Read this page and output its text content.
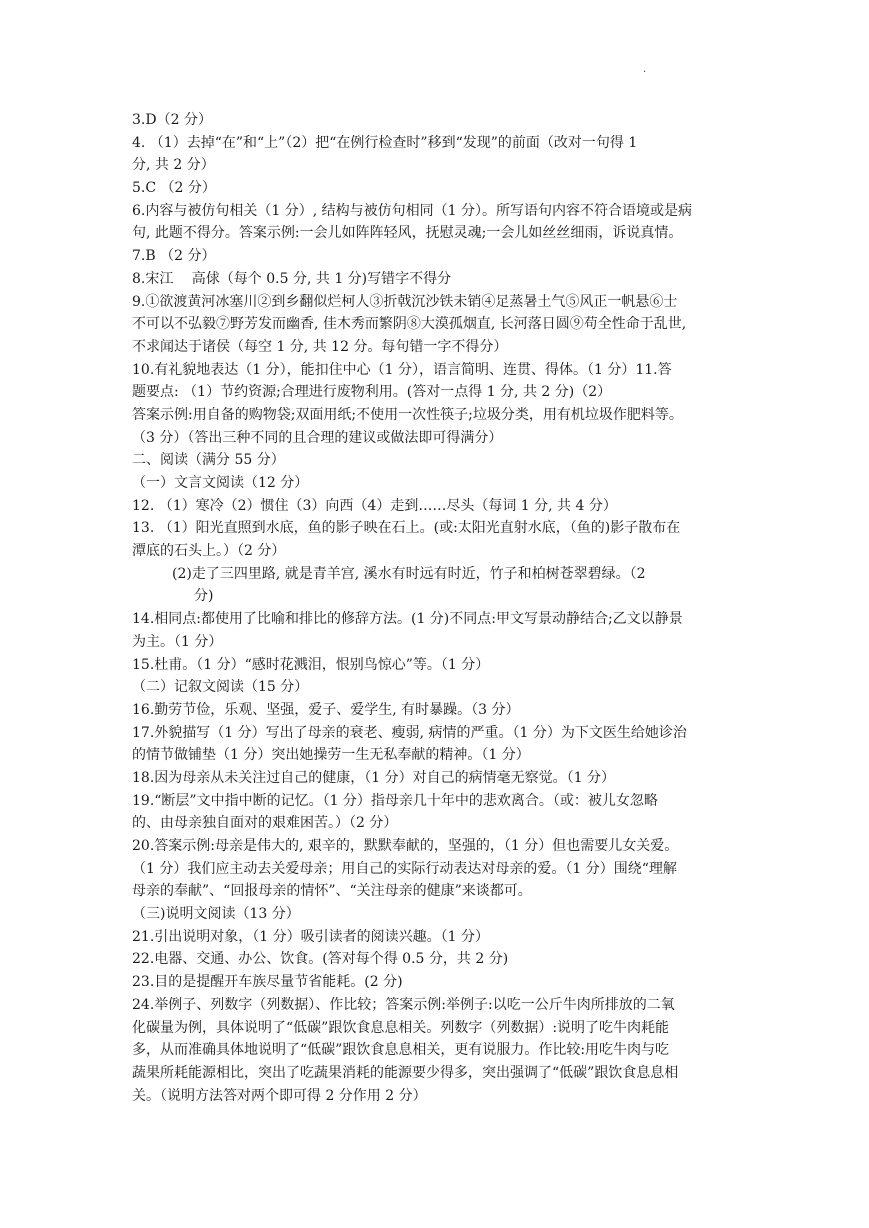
.
3.D（2 分）
4. （1）去掉“在”和“上”（2）把“在例行检查时”移到“发现”的前面（改对一句得 1
分, 共 2 分）
5.C （2 分）
6.内容与被仿句相关（1 分）, 结构与被仿句相同（1 分）。所写语句内容不符合语境或是病
句, 此题不得分。答案示例:一会儿如阵阵轻风，抚慰灵魂;一会儿如丝丝细雨，诉说真情。
7.B （2 分）
8.宋江　 高俅（每个 0.5 分, 共 1 分)写错字不得分
9.①欲渡黄河冰塞川②到乡翻似烂柯人③折戟沉沙铁未销④足蒸暑土气⑤风正一帆悬⑥士
不可以不弘毅⑦野芳发而幽香, 佳木秀而繁阴⑧大漠孤烟直, 长河落日圆⑨苟全性命于乱世,
不求闻达于诸侯（每空 1 分, 共 12 分。每句错一字不得分）
10.有礼貌地表达（1 分），能扣住中心（1 分），语言简明、连贯、得体。（1 分）11.答
题要点: （1）节约资源;合理进行废物利用。(答对一点得 1 分, 共 2 分)（2）
答案示例:用自备的购物袋;双面用纸;不使用一次性筷子;垃圾分类，用有机垃圾作肥料等。
（3 分）（答出三种不同的且合理的建议或做法即可得满分）
二、阅读（满分 55 分）
（一）文言文阅读（12 分）
12. （1）寒冷（2）惯住（3）向西（4）走到……尽头（每词 1 分, 共 4 分）
13. （1）阳光直照到水底，鱼的影子映在石上。(或:太阳光直射水底，（鱼的)影子散布在
潭底的石头上。）（2 分）
(2)走了三四里路, 就是青羊宫, 溪水有时远有时近，竹子和柏树苍翠碧绿。（2
分)
14.相同点:都使用了比喻和排比的修辞方法。(1 分)不同点:甲文写景动静结合;乙文以静景
为主。（1 分）
15.杜甫。（1 分）“感时花溅泪，恨别鸟惊心”等。（1 分）
（二）记叙文阅读（15 分）
16.勤劳节俭，乐观、坚强，爱子、爱学生, 有时暴躁。（3 分）
17.外貌描写（1 分）写出了母亲的衰老、瘦弱, 病情的严重。（1 分）为下文医生给她诊治
的情节做铺垫（1 分）突出她操劳一生无私奉献的精神。（1 分）
18.因为母亲从未关注过自己的健康，（1 分）对自己的病情毫无察觉。（1 分）
19.“断层”文中指中断的记忆。（1 分）指母亲几十年中的悲欢离合。（或：被儿女忽略
的、由母亲独自面对的艰难困苦。）（2 分）
20.答案示例:母亲是伟大的, 艰辛的，默默奉献的，坚强的，（1 分）但也需要儿女关爱。
（1 分）我们应主动去关爱母亲；用自己的实际行动表达对母亲的爱。（1 分）围绕“理解
母亲的奉献”、“回报母亲的情怀”、“关注母亲的健康”来谈都可。
（三)说明文阅读（13 分）
21.引出说明对象，（1 分）吸引读者的阅读兴趣。（1 分）
22.电器、交通、办公、饮食。(答对每个得 0.5 分，共 2 分)
23.目的是提醒开车族尽量节省能耗。(2 分)
24.举例子、列数字（列数据）、作比较；答案示例:举例子:以吃一公斤牛肉所排放的二氧
化碳量为例，具体说明了“低碳”跟饮食息息相关。列数字（列数据）:说明了吃牛肉耗能
多，从而准确具体地说明了“低碳”跟饮食息息相关，更有说服力。作比较:用吃牛肉与吃
蔬果所耗能源相比，突出了吃蔬果消耗的能源要少得多，突出强调了“低碳”跟饮食息息相
关。（说明方法答对两个即可得 2 分作用 2 分）
